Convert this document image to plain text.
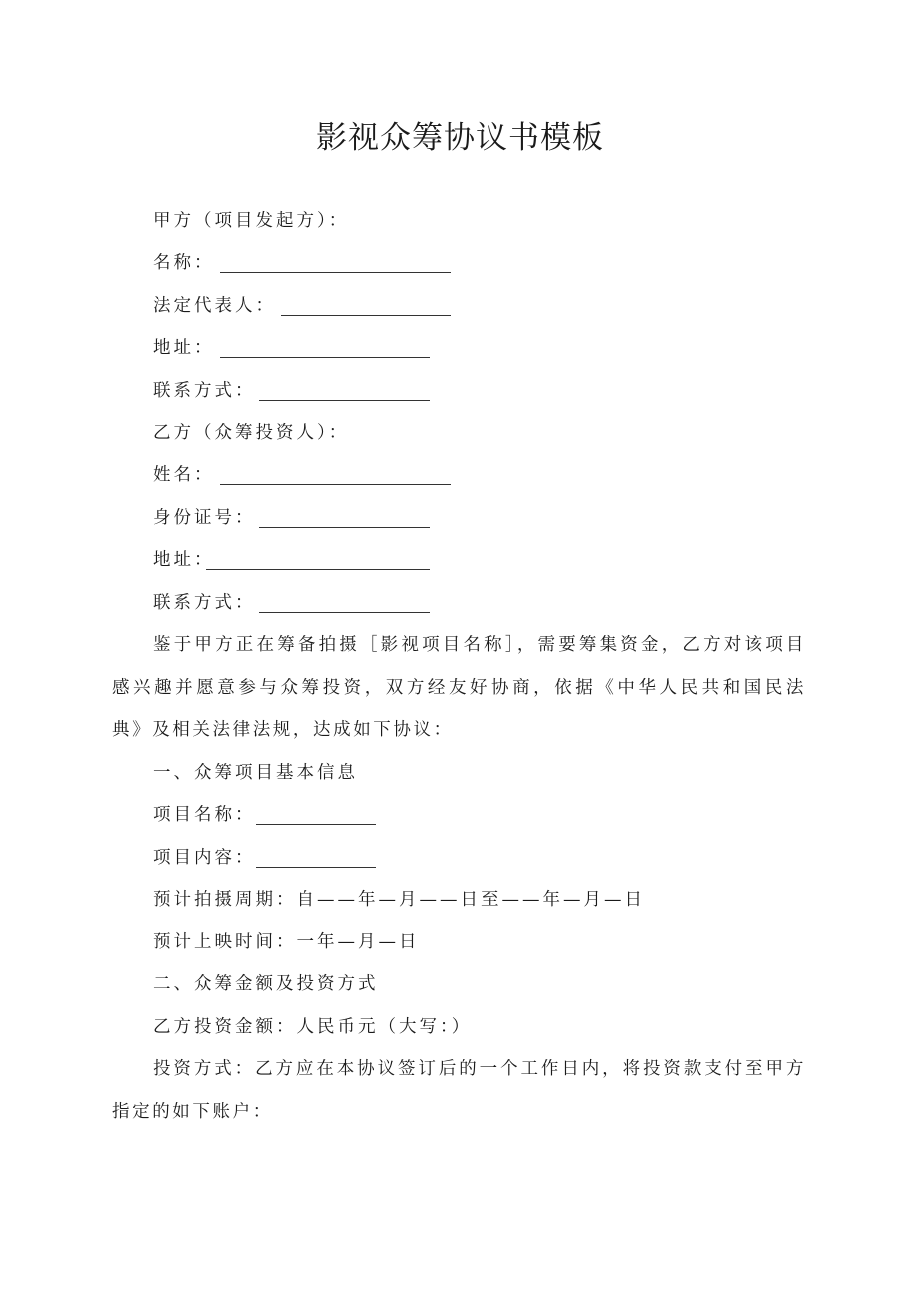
影视众筹协议书模板
甲方（项目发起方）：
名称：
法定代表人：
地址：
联系方式：
乙方（众筹投资人）：
姓名：
身份证号：
地址：
联系方式：
鉴于甲方正在筹备拍摄［影视项目名称］，需要筹集资金，乙方对该项目感兴趣并愿意参与众筹投资，双方经友好协商，依据《中华人民共和国民法典》及相关法律法规，达成如下协议：
一、众筹项目基本信息
项目名称：
项目内容：
预计拍摄周期：自——年—月——日至——年—月—日
预计上映时间：一年—月—日
二、众筹金额及投资方式
乙方投资金额：人民币元（大写：）
投资方式：乙方应在本协议签订后的一个工作日内，将投资款支付至甲方指定的如下账户：
